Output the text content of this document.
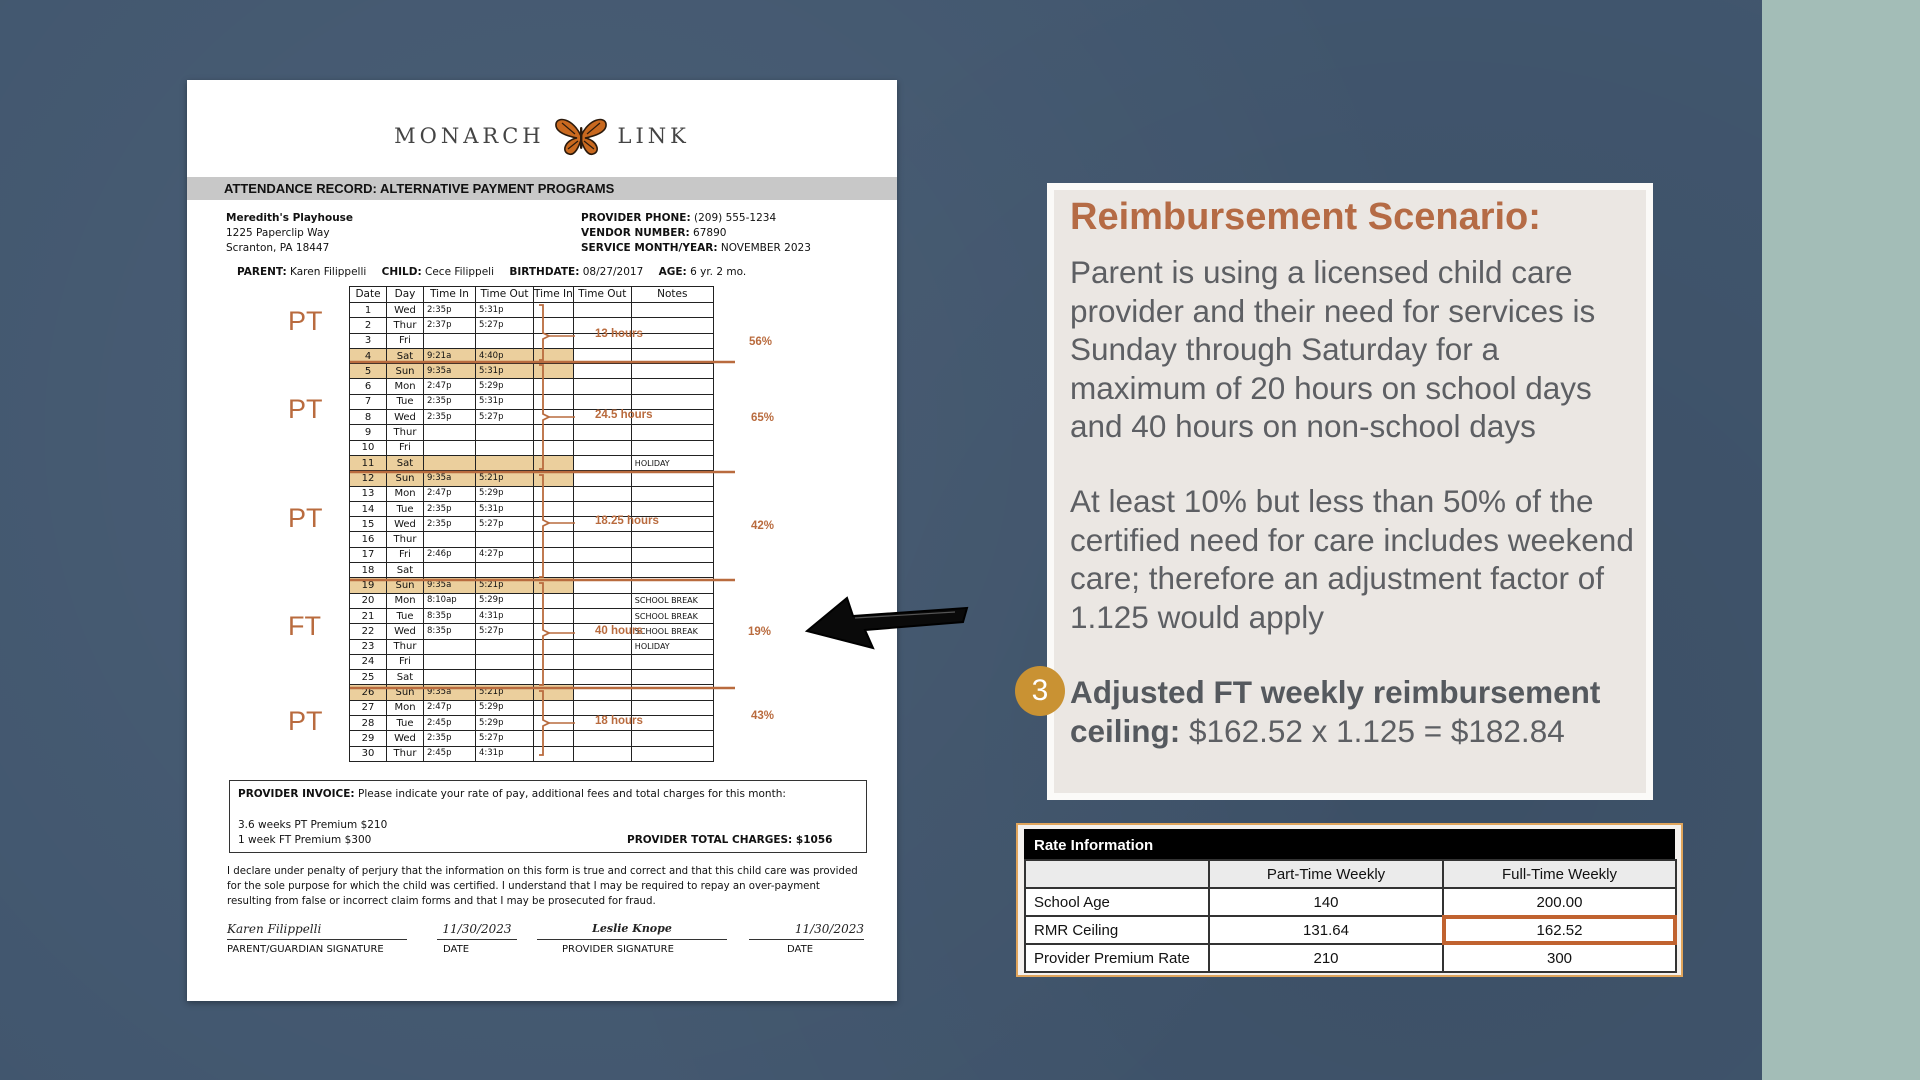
MONARCH	LINK
ATTENDANCE RECORD: ALTERNATIVE PAYMENT PROGRAMS
Meredith's Playhouse
1225 Paperclip Way
Scranton, PA 18447
PROVIDER PHONE: (209) 555-1234
VENDOR NUMBER: 67890
SERVICE MONTH/YEAR: NOVEMBER 2023
PARENT: Karen Filippelli CHILD: Cece Filippeli BIRTHDATE: 08/27/2017 AGE: 6 yr. 2 mo.
Date	Day	Time In	Time Out	Time In	Time Out	Notes
1	Wed	2:35p	5:31p			
2	Thur	2:37p	5:27p			
3	Fri					
4	Sat	9:21a	4:40p			
5	Sun	9:35a	5:31p			
6	Mon	2:47p	5:29p			
7	Tue	2:35p	5:31p			
8	Wed	2:35p	5:27p			
9	Thur					
10	Fri					
11	Sat					HOLIDAY
12	Sun	9:35a	5:21p			
13	Mon	2:47p	5:29p			
14	Tue	2:35p	5:31p			
15	Wed	2:35p	5:27p			
16	Thur					
17	Fri	2:46p	4:27p			
18	Sat					
19	Sun	9:35a	5:21p			
20	Mon	8:10ap	5:29p			SCHOOL BREAK
21	Tue	8:35p	4:31p			SCHOOL BREAK
22	Wed	8:35p	5:27p			SCHOOL BREAK
23	Thur					HOLIDAY
24	Fri					
25	Sat					
26	Sun	9:35a	5:21p			
27	Mon	2:47p	5:29p			
28	Tue	2:45p	5:29p			
29	Wed	2:35p	5:27p			
30	Thur	2:45p	4:31p			
PT
PT
PT
FT
PT
13 hours
24.5 hours
18.25 hours
40 hours
18 hours
56%
65%
42%
19%
43%
PROVIDER INVOICE: Please indicate your rate of pay, additional fees and total charges for this month:
3.6 weeks PT Premium $210
1 week FT Premium $300	PROVIDER TOTAL CHARGES: $1056
I declare under penalty of perjury that the information on this form is true and correct and that this child care was provided for the sole purpose for which the child was certified. I understand that I may be required to repay an over-payment resulting from false or incorrect claim forms and that I may be prosecuted for fraud.
Karen Filippelli	11/30/2023	Leslie Knope	11/30/2023
PARENT/GUARDIAN SIGNATURE	DATE	PROVIDER SIGNATURE	DATE
Reimbursement Scenario:
Parent is using a licensed child care provider and their need for services is Sunday through Saturday for a maximum of 20 hours on school days and 40 hours on non-school days
At least 10% but less than 50% of the certified need for care includes weekend care; therefore an adjustment factor of 1.125 would apply
Adjusted FT weekly reimbursement ceiling: $162.52 x 1.125 = $182.84
3
Rate Information
	Part-Time Weekly	Full-Time Weekly
School Age	140	200.00
RMR Ceiling	131.64	162.52
Provider Premium Rate	210	300
